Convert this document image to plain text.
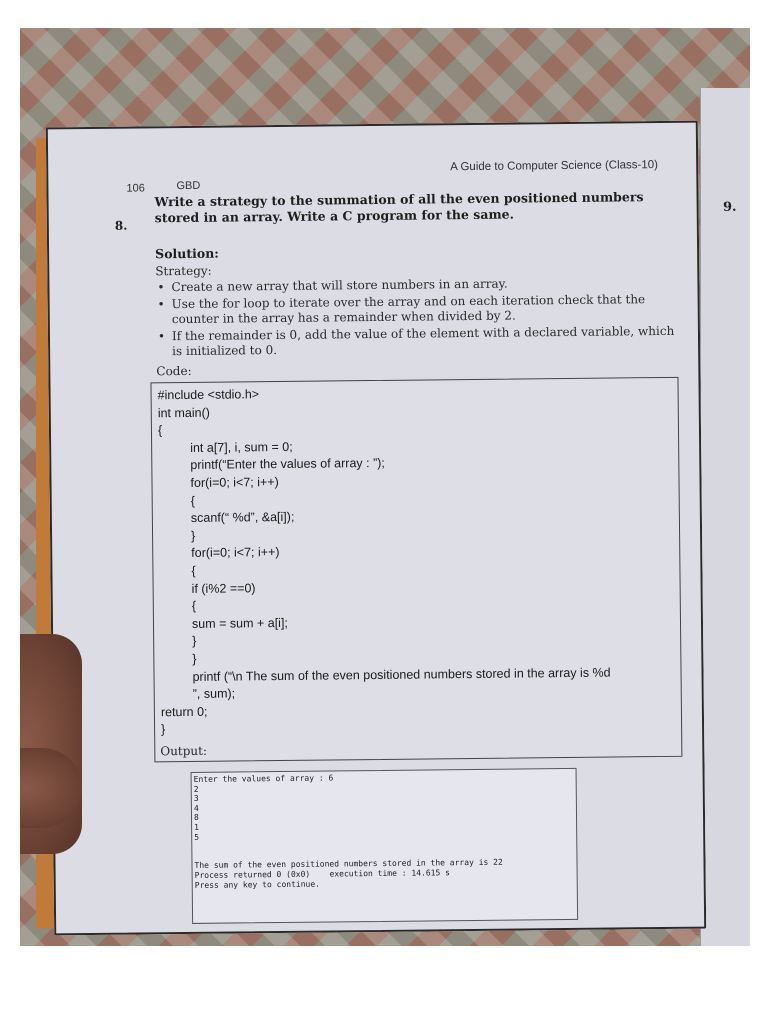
9.
106	GBD
A Guide to Computer Science (Class-10)
8.
Write a strategy to the summation of all the even positioned numbers stored in an array. Write a C program for the same.
Solution:
Strategy:
• Create a new array that will store numbers in an array.
• Use the for loop to iterate over the array and on each iteration check that the counter in the array has a remainder when divided by 2.
• If the remainder is 0, add the value of the element with a declared variable, which is initialized to 0.
Code:
#include <stdio.h>
int main()
{
int a[7], i, sum = 0;
printf(“Enter the values of array : ”);
for(i=0; i<7; i++)
{
scanf(“ %d”, &a[i]);
}
for(i=0; i<7; i++)
{
if (i%2 ==0)
{
sum = sum + a[i];
}
}
printf (“\n The sum of the even positioned numbers stored in the array is %d
”, sum);
return 0;
}
Output:
Enter the values of array : 6
2
3
4
8
1
5
The sum of the even positioned numbers stored in the array is 22
Process returned 0 (0x0)    execution time : 14.615 s
Press any key to continue.
